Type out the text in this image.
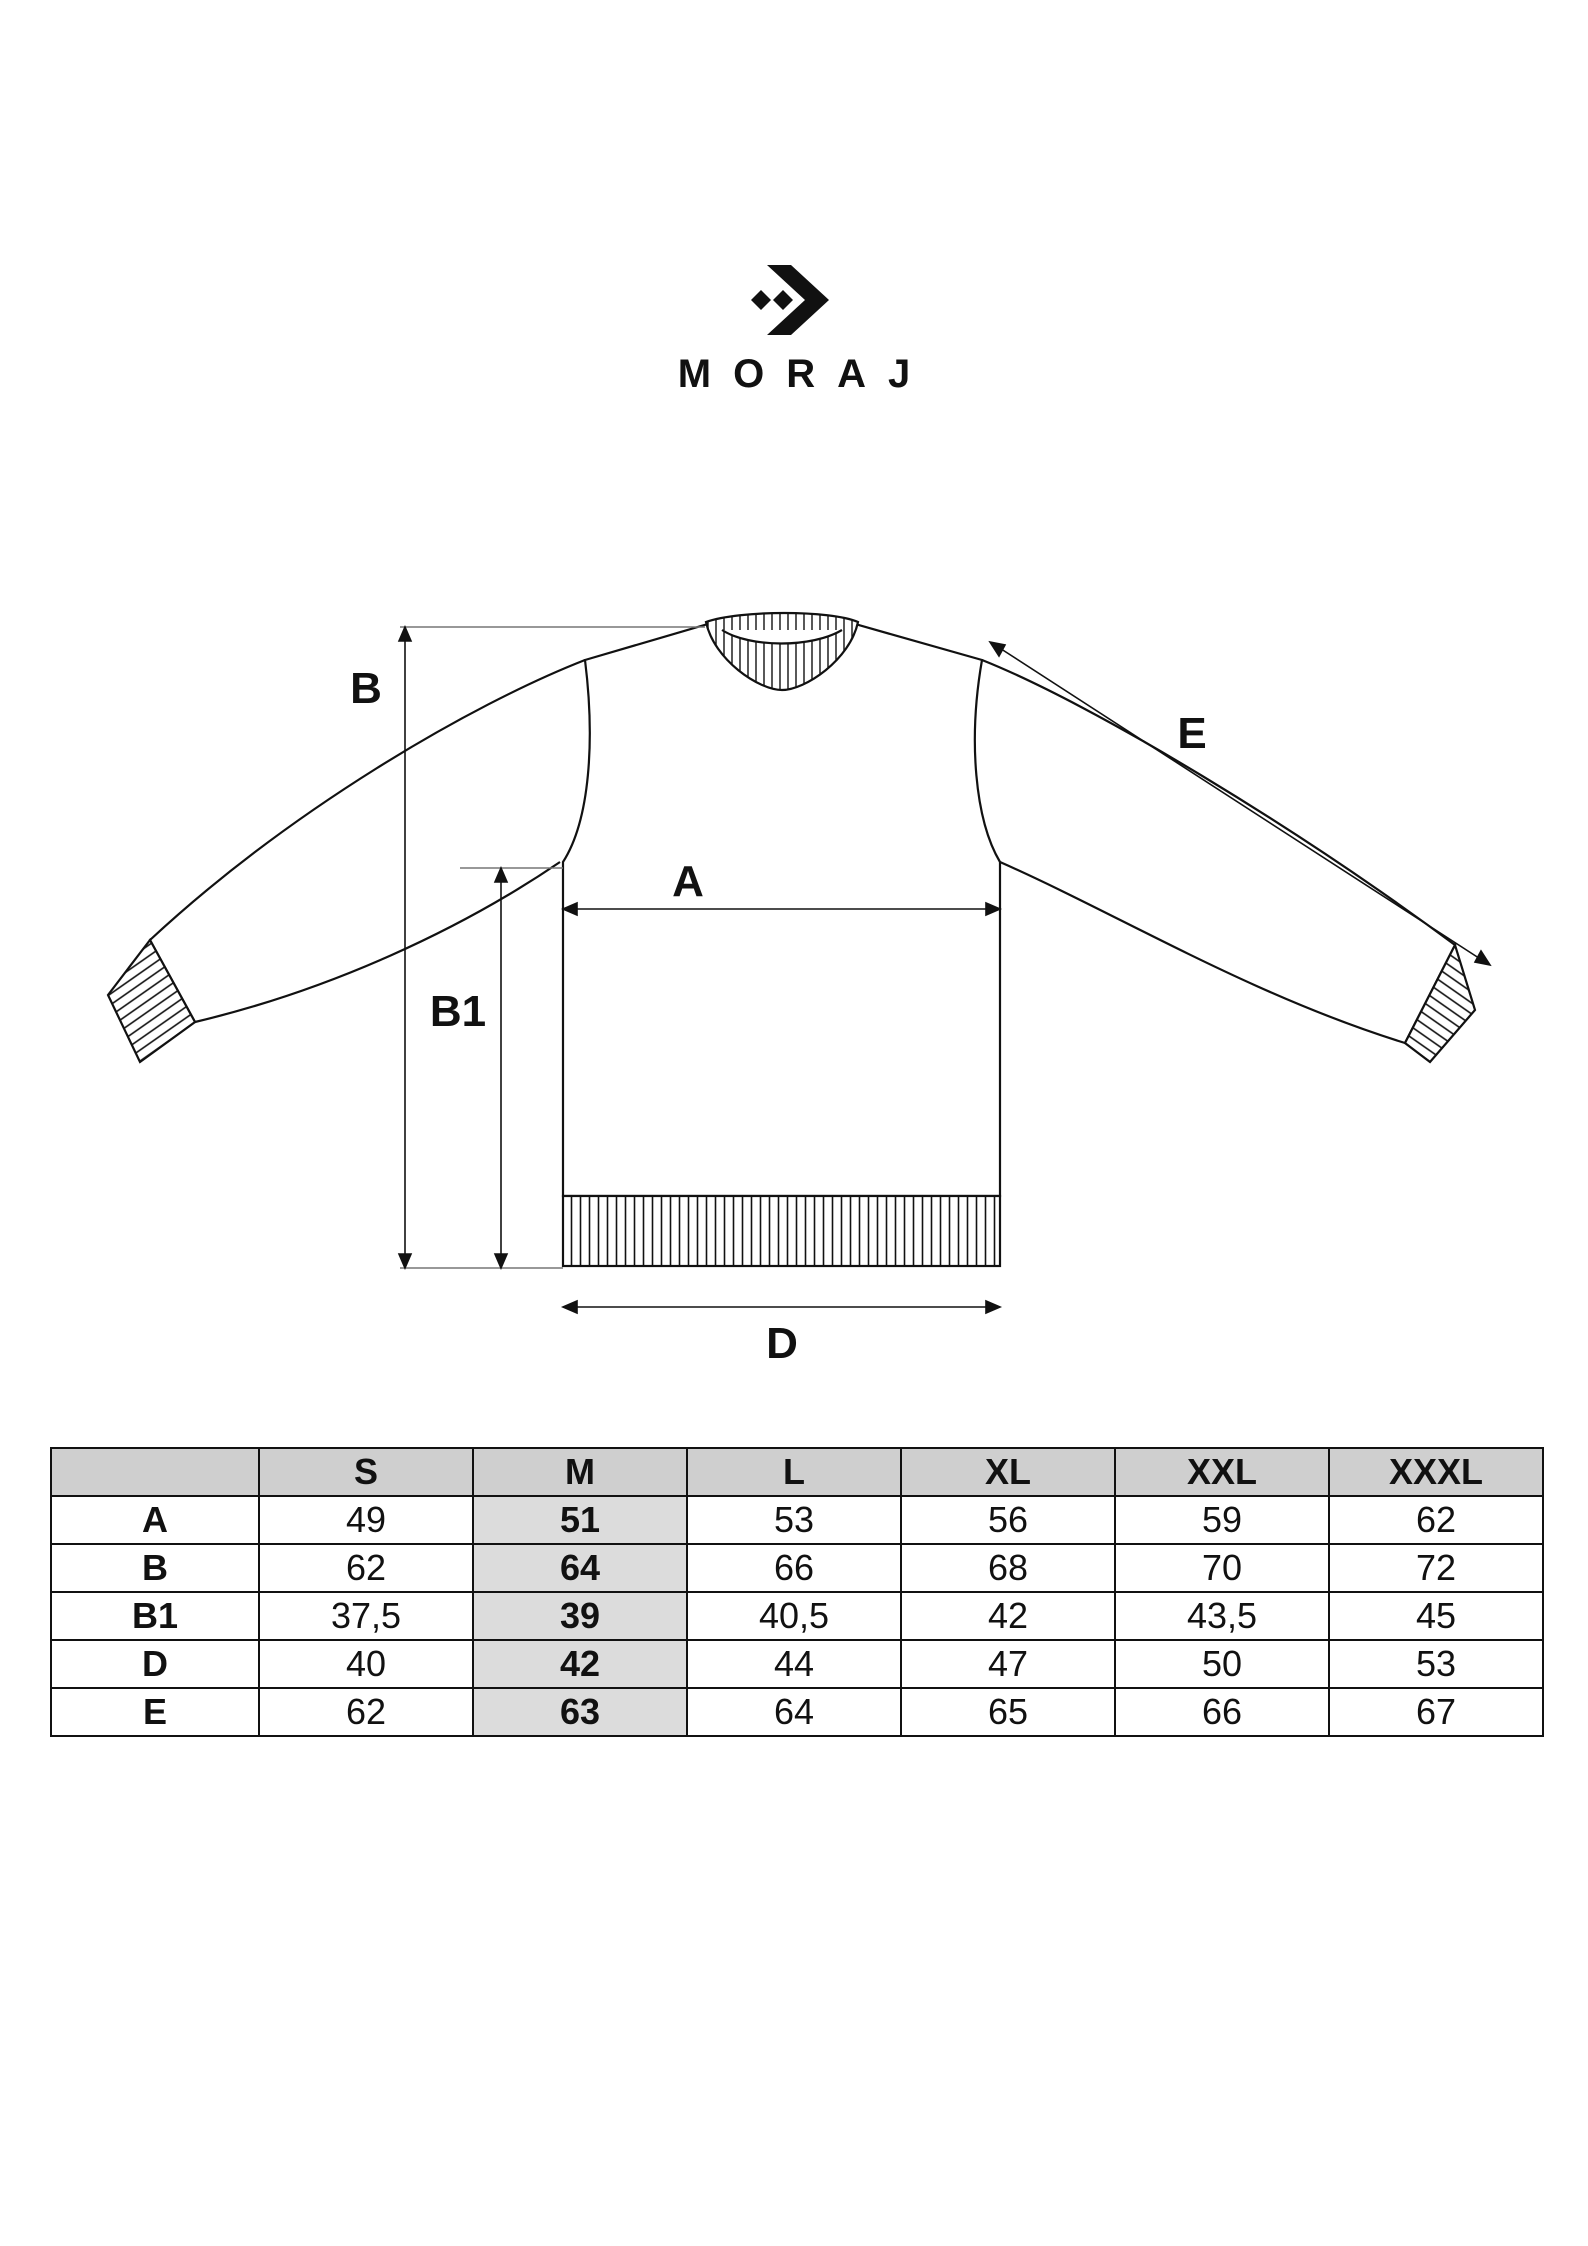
MORAJ
B
B1
A
D
E
	S	M	L	XL	XXL	XXXL
A	49	51	53	56	59	62
B	62	64	66	68	70	72
B1	37,5	39	40,5	42	43,5	45
D	40	42	44	47	50	53
E	62	63	64	65	66	67
